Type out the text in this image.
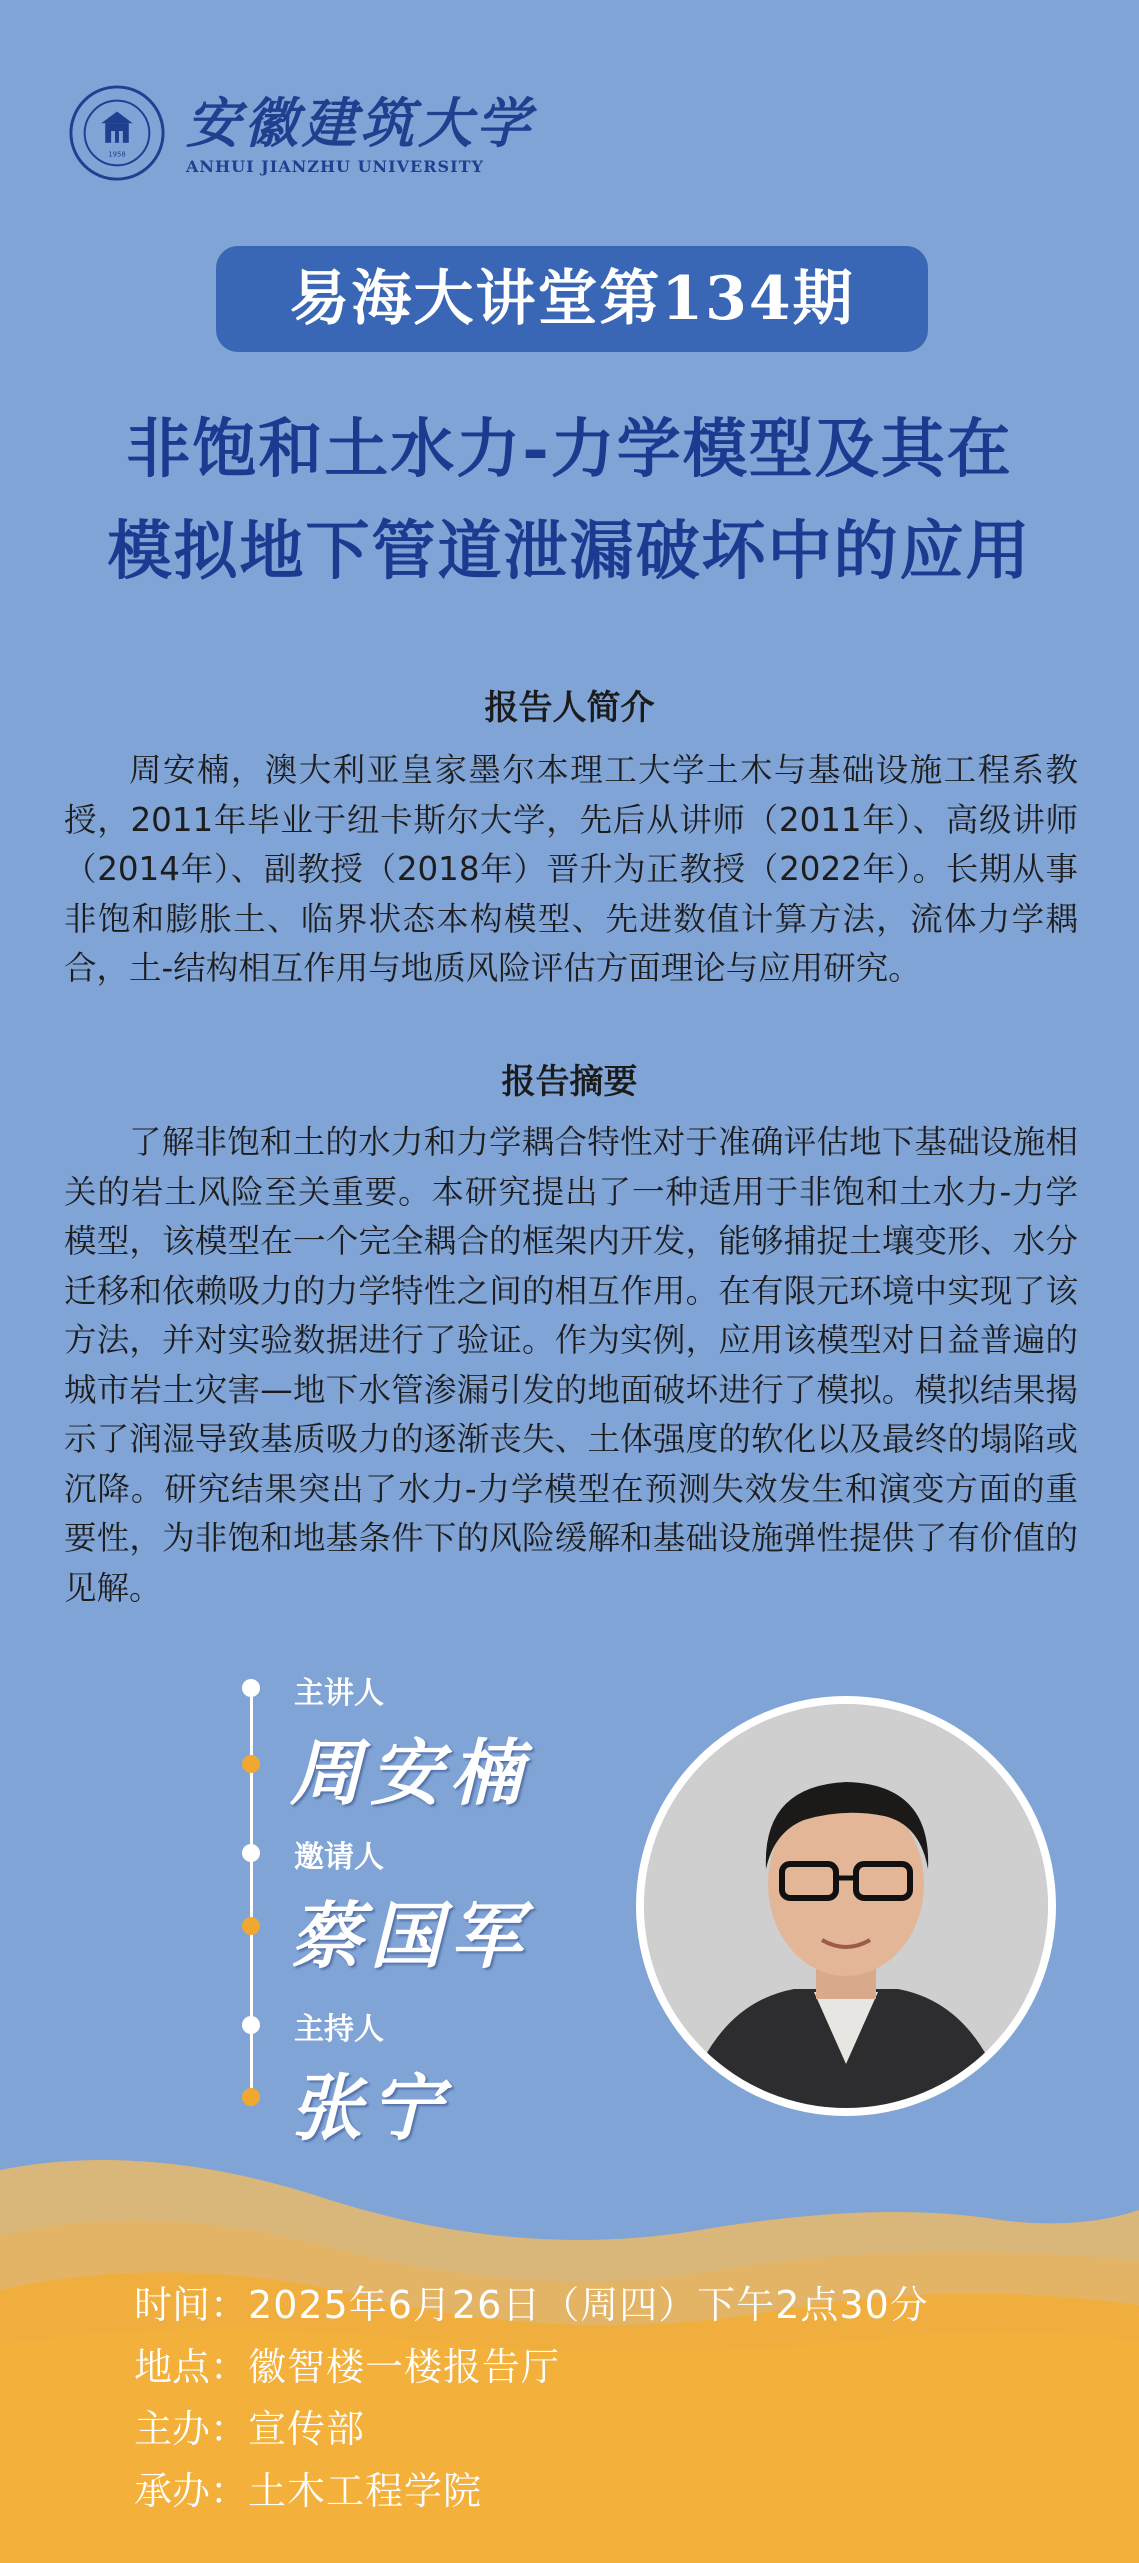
1958
安徽建筑大学
ANHUI JIANZHU UNIVERSITY
易海大讲堂第134期
非饱和土水力-力学模型及其在
模拟地下管道泄漏破坏中的应用
报告人简介

周安楠，澳大利亚皇家墨尔本理工大学土木与基础设施工程系教授，2011年毕业于纽卡斯尔大学，先后从讲师（2011年）、高级讲师（2014年）、副教授（2018年）晋升为正教授（2022年）。长期从事非饱和膨胀土、临界状态本构模型、先进数值计算方法，流体力学耦合，土-结构相互作用与地质风险评估方面理论与应用研究。

报告摘要

了解非饱和土的水力和力学耦合特性对于准确评估地下基础设施相关的岩土风险至关重要。本研究提出了一种适用于非饱和土水力-力学模型，该模型在一个完全耦合的框架内开发，能够捕捉土壤变形、水分迁移和依赖吸力的力学特性之间的相互作用。在有限元环境中实现了该方法，并对实验数据进行了验证。作为实例，应用该模型对日益普遍的城市岩土灾害—地下水管渗漏引发的地面破坏进行了模拟。模拟结果揭示了润湿导致基质吸力的逐渐丧失、土体强度的软化以及最终的塌陷或沉降。研究结果突出了水力-力学模型在预测失效发生和演变方面的重要性，为非饱和地基条件下的风险缓解和基础设施弹性提供了有价值的见解。

主讲人
周安楠
邀请人
蔡国军
主持人
张宁
时间：2025年6月26日（周四）下午2点30分
地点：徽智楼一楼报告厅
主办：宣传部
承办：土木工程学院
